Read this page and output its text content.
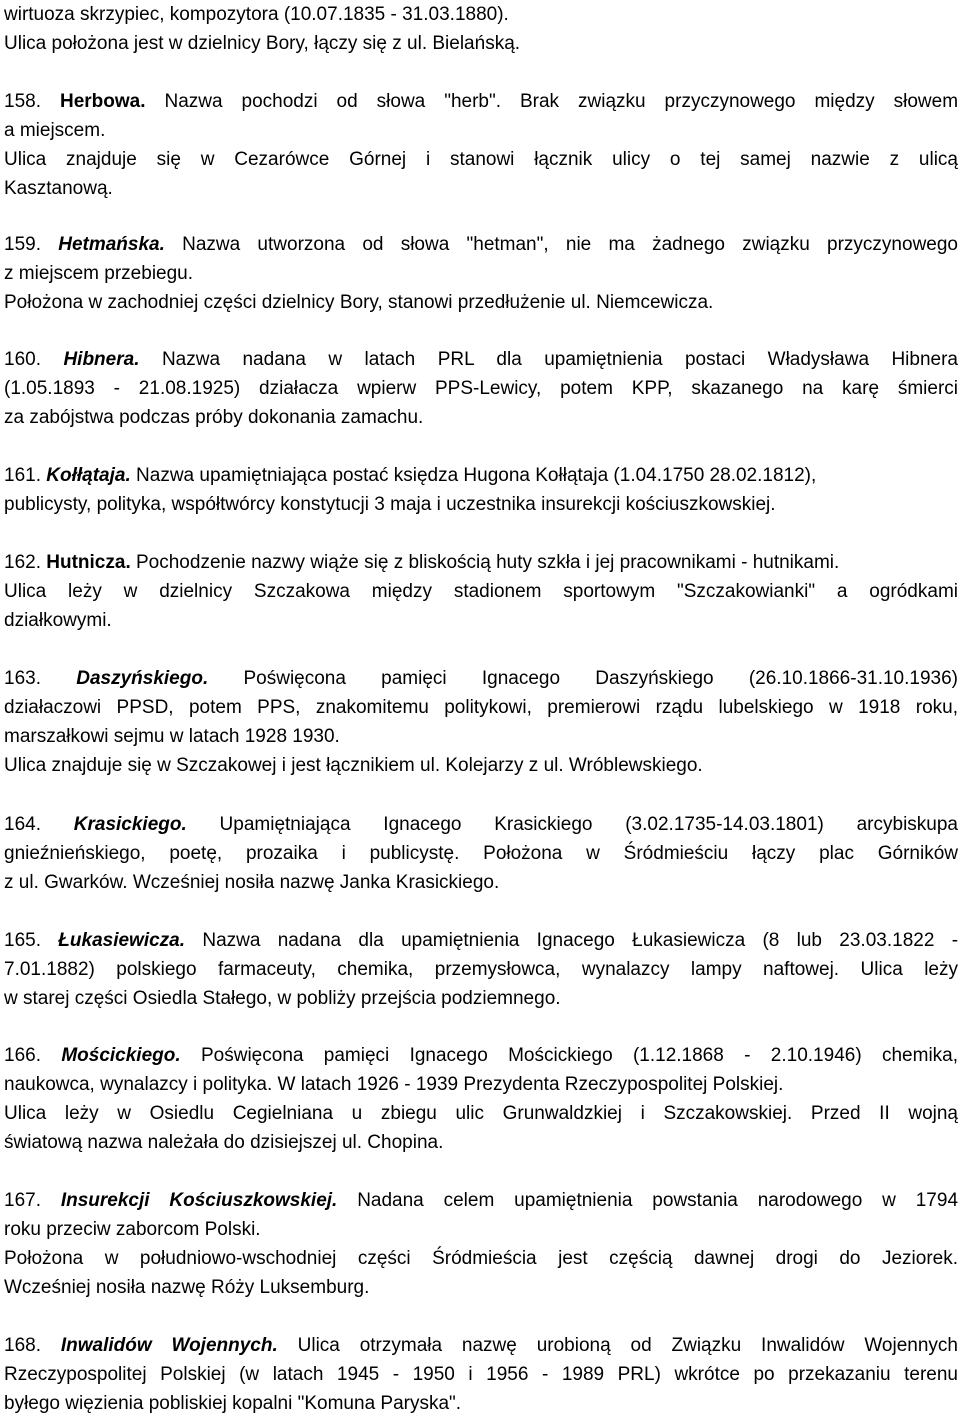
wirtuoza skrzypiec, kompozytora (10.07.1835 - 31.03.1880).
Ulica położona jest w dzielnicy Bory, łączy się z ul. Bielańską.
158. Herbowa. Nazwa pochodzi od słowa "herb". Brak związku przyczynowego między słowem
a miejscem.
Ulica znajduje się w Cezarówce Górnej i stanowi łącznik ulicy o tej samej nazwie z ulicą
Kasztanową.
159. Hetmańska. Nazwa utworzona od słowa "hetman", nie ma żadnego związku przyczynowego
z miejscem przebiegu.
Położona w zachodniej części dzielnicy Bory, stanowi przedłużenie ul. Niemcewicza.
160. Hibnera. Nazwa nadana w latach PRL dla upamiętnienia postaci Władysława Hibnera
(1.05.1893 - 21.08.1925) działacza wpierw PPS-Lewicy, potem KPP, skazanego na karę śmierci
za zabójstwa podczas próby dokonania zamachu.
161. Kołłątaja. Nazwa upamiętniająca postać księdza Hugona Kołłątaja (1.04.1750 28.02.1812),
publicysty, polityka, współtwórcy konstytucji 3 maja i uczestnika insurekcji kościuszkowskiej.
162. Hutnicza. Pochodzenie nazwy wiąże się z bliskością huty szkła i jej pracownikami - hutnikami.
Ulica leży w dzielnicy Szczakowa między stadionem sportowym "Szczakowianki" a ogródkami
działkowymi.
163. Daszyńskiego. Poświęcona pamięci Ignacego Daszyńskiego (26.10.1866-31.10.1936)
działaczowi PPSD, potem PPS, znakomitemu politykowi, premierowi rządu lubelskiego w 1918 roku,
marszałkowi sejmu w latach 1928 1930.
Ulica znajduje się w Szczakowej i jest łącznikiem ul. Kolejarzy z ul. Wróblewskiego.
164. Krasickiego. Upamiętniająca Ignacego Krasickiego (3.02.1735-14.03.1801) arcybiskupa
gnieźnieńskiego, poetę, prozaika i publicystę. Położona w Śródmieściu łączy plac Górników
z ul. Gwarków. Wcześniej nosiła nazwę Janka Krasickiego.
165. Łukasiewicza. Nazwa nadana dla upamiętnienia Ignacego Łukasiewicza (8 lub 23.03.1822 -
7.01.1882) polskiego farmaceuty, chemika, przemysłowca, wynalazcy lampy naftowej. Ulica leży
w starej części Osiedla Stałego, w pobliży przejścia podziemnego.
166. Mościckiego. Poświęcona pamięci Ignacego Mościckiego (1.12.1868 - 2.10.1946) chemika,
naukowca, wynalazcy i polityka. W latach 1926 - 1939 Prezydenta Rzeczypospolitej Polskiej.
Ulica leży w Osiedlu Cegielniana u zbiegu ulic Grunwaldzkiej i Szczakowskiej. Przed II wojną
światową nazwa należała do dzisiejszej ul. Chopina.
167. Insurekcji Kościuszkowskiej. Nadana celem upamiętnienia powstania narodowego w 1794
roku przeciw zaborcom Polski.
Położona w południowo-wschodniej części Śródmieścia jest częścią dawnej drogi do Jeziorek.
Wcześniej nosiła nazwę Róży Luksemburg.
168. Inwalidów Wojennych. Ulica otrzymała nazwę urobioną od Związku Inwalidów Wojennych
Rzeczypospolitej Polskiej (w latach 1945 - 1950 i 1956 - 1989 PRL) wkrótce po przekazaniu terenu
byłego więzienia pobliskiej kopalni "Komuna Paryska".
